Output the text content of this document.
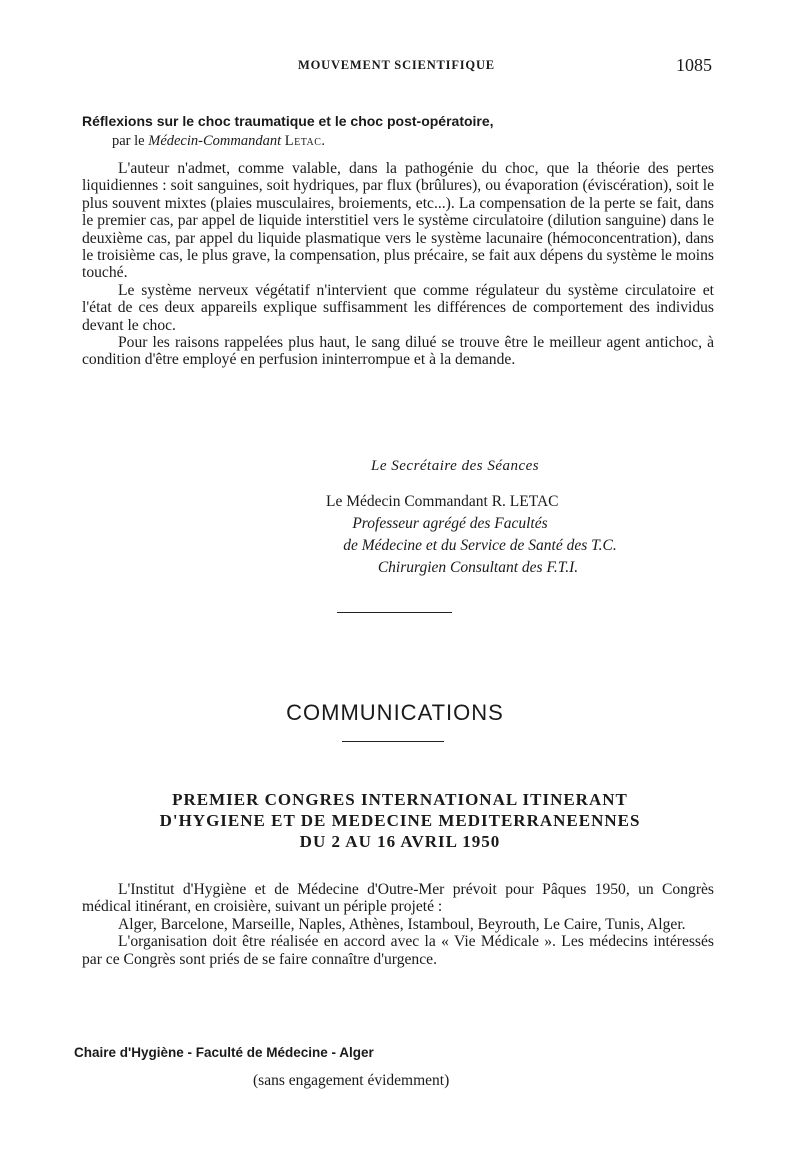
MOUVEMENT SCIENTIFIQUE	1085

Réflexions sur le choc traumatique et le choc post-opératoire,

par le Médecin-Commandant Letac.

L'auteur n'admet, comme valable, dans la pathogénie du choc, que la théorie des pertes liquidiennes : soit sanguines, soit hydriques, par flux (brûlures), ou évaporation (éviscération), soit le plus souvent mixtes (plaies musculaires, broiements, etc...). La compensation de la perte se fait, dans le premier cas, par appel de liquide interstitiel vers le système circulatoire (dilution sanguine) dans le deuxième cas, par appel du liquide plasmatique vers le système lacunaire (hémoconcentration), dans le troisième cas, le plus grave, la compensation, plus précaire, se fait aux dépens du système le moins touché.

Le système nerveux végétatif n'intervient que comme régulateur du système circulatoire et l'état de ces deux appareils explique suffisamment les différences de comportement des individus devant le choc.

Pour les raisons rappelées plus haut, le sang dilué se trouve être le meilleur agent antichoc, à condition d'être employé en perfusion ininterrompue et à la demande.

Le Secrétaire des Séances
Le Médecin Commandant R. LETAC
Professeur agrégé des Facultés
de Médecine et du Service de Santé des T.C.
Chirurgien Consultant des F.T.I.
COMMUNICATIONS
PREMIER CONGRES INTERNATIONAL ITINERANT
D'HYGIENE ET DE MEDECINE MEDITERRANEENNES
DU 2 AU 16 AVRIL 1950

L'Institut d'Hygiène et de Médecine d'Outre-Mer prévoit pour Pâques 1950, un Congrès médical itinérant, en croisière, suivant un périple projeté :

Alger, Barcelone, Marseille, Naples, Athènes, Istamboul, Beyrouth, Le Caire, Tunis, Alger.

L'organisation doit être réalisée en accord avec la « Vie Médicale ». Les médecins intéressés par ce Congrès sont priés de se faire connaître d'urgence.

Chaire d'Hygiène - Faculté de Médecine - Alger
(sans engagement évidemment)
